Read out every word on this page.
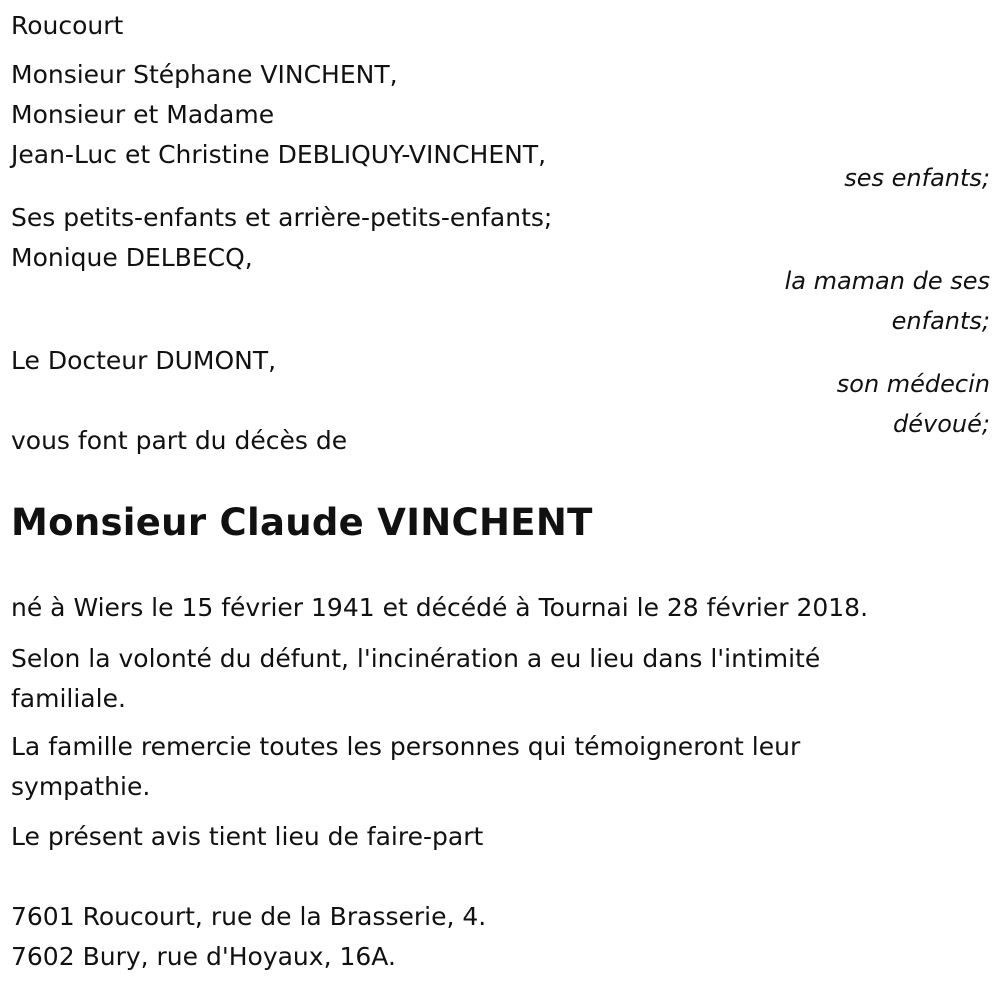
Roucourt
Monsieur Stéphane VINCHENT,
Monsieur et Madame
Jean-Luc et Christine DEBLIQUY-VINCHENT,
ses enfants;
Ses petits-enfants et arrière-petits-enfants;
Monique DELBECQ,
la maman de ses
enfants;
Le Docteur DUMONT,
son médecin
dévoué;
vous font part du décès de
Monsieur Claude VINCHENT
né à Wiers le 15 février 1941 et décédé à Tournai le 28 février 2018.
Selon la volonté du défunt, l'incinération a eu lieu dans l'intimité familiale.
La famille remercie toutes les personnes qui témoigneront leur sympathie.
Le présent avis tient lieu de faire-part
7601 Roucourt, rue de la Brasserie, 4.
7602 Bury, rue d'Hoyaux, 16A.
